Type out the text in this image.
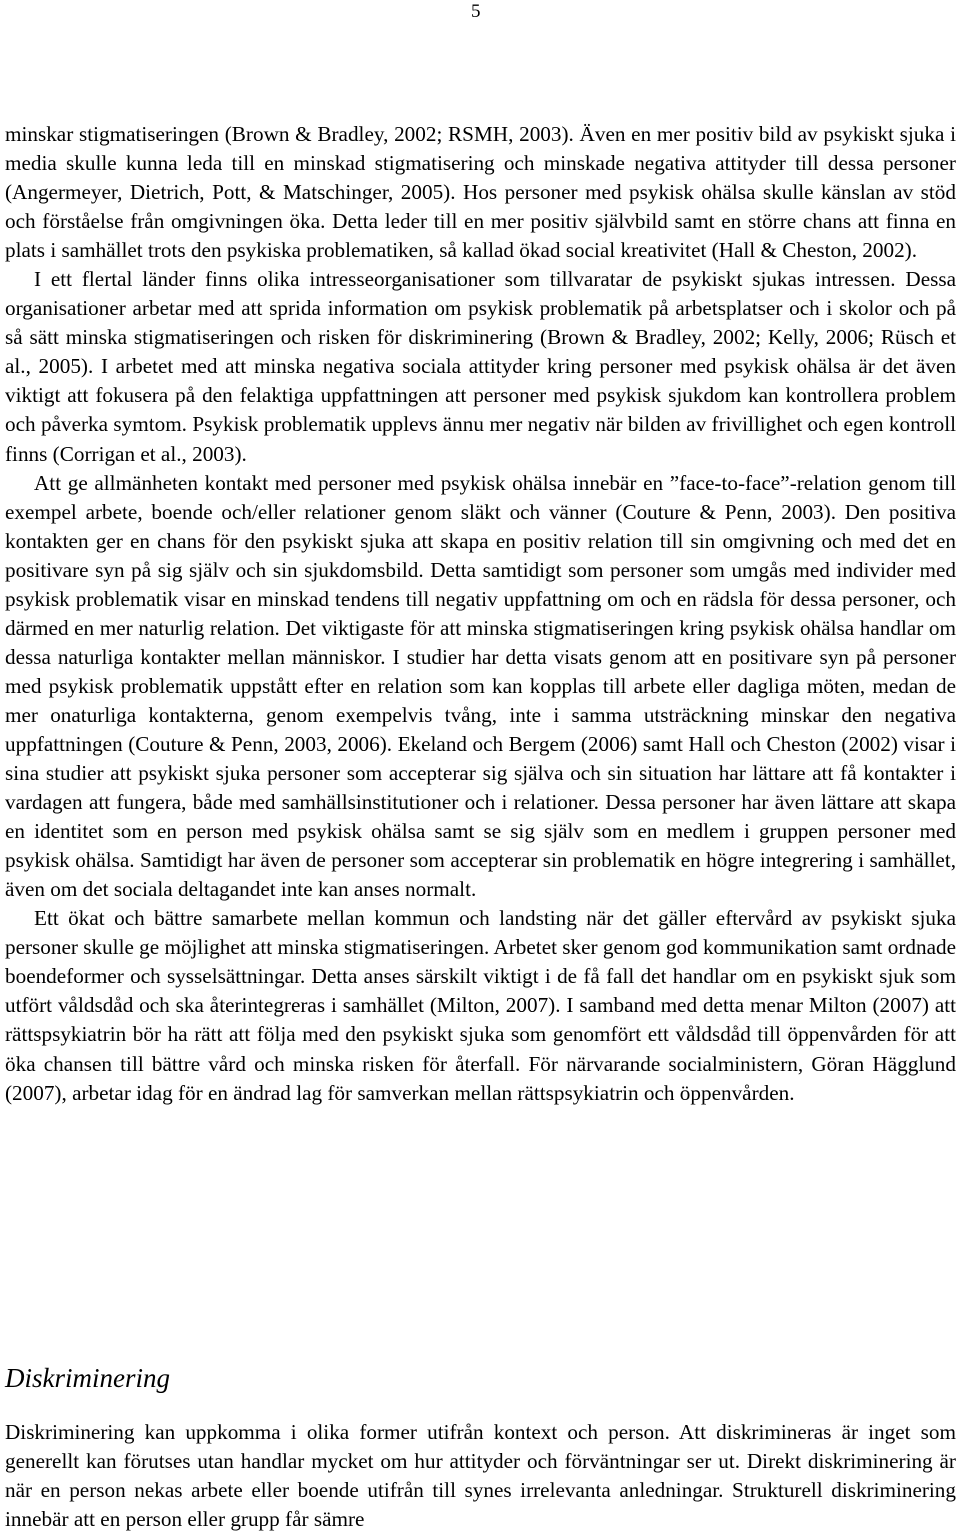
5

minskar stigmatiseringen (Brown & Bradley, 2002; RSMH, 2003). Även en mer positiv bild av psykiskt sjuka i media skulle kunna leda till en minskad stigmatisering och minskade negativa attityder till dessa personer (Angermeyer, Dietrich, Pott, & Matschinger, 2005). Hos personer med psykisk ohälsa skulle känslan av stöd och förståelse från omgivningen öka. Detta leder till en mer positiv självbild samt en större chans att finna en plats i samhället trots den psykiska problematiken, så kallad ökad social kreativitet (Hall & Cheston, 2002).

I ett flertal länder finns olika intresseorganisationer som tillvaratar de psykiskt sjukas intressen. Dessa organisationer arbetar med att sprida information om psykisk problematik på arbetsplatser och i skolor och på så sätt minska stigmatiseringen och risken för diskriminering (Brown & Bradley, 2002; Kelly, 2006; Rüsch et al., 2005). I arbetet med att minska negativa sociala attityder kring personer med psykisk ohälsa är det även viktigt att fokusera på den felaktiga uppfattningen att personer med psykisk sjukdom kan kontrollera problem och påverka symtom. Psykisk problematik upplevs ännu mer negativ när bilden av frivillighet och egen kontroll finns (Corrigan et al., 2003).

Att ge allmänheten kontakt med personer med psykisk ohälsa innebär en ”face-to-face”-relation genom till exempel arbete, boende och/eller relationer genom släkt och vänner (Couture & Penn, 2003). Den positiva kontakten ger en chans för den psykiskt sjuka att skapa en positiv relation till sin omgivning och med det en positivare syn på sig själv och sin sjukdomsbild. Detta samtidigt som personer som umgås med individer med psykisk problematik visar en minskad tendens till negativ uppfattning om och en rädsla för dessa personer, och därmed en mer naturlig relation. Det viktigaste för att minska stigmatiseringen kring psykisk ohälsa handlar om dessa naturliga kontakter mellan människor. I studier har detta visats genom att en positivare syn på personer med psykisk problematik uppstått efter en relation som kan kopplas till arbete eller dagliga möten, medan de mer onaturliga kontakterna, genom exempelvis tvång, inte i samma utsträckning minskar den negativa uppfattningen (Couture & Penn, 2003, 2006). Ekeland och Bergem (2006) samt Hall och Cheston (2002) visar i sina studier att psykiskt sjuka personer som accepterar sig själva och sin situation har lättare att få kontakter i vardagen att fungera, både med samhällsinstitutioner och i relationer. Dessa personer har även lättare att skapa en identitet som en person med psykisk ohälsa samt se sig själv som en medlem i gruppen personer med psykisk ohälsa. Samtidigt har även de personer som accepterar sin problematik en högre integrering i samhället, även om det sociala deltagandet inte kan anses normalt.

Ett ökat och bättre samarbete mellan kommun och landsting när det gäller eftervård av psykiskt sjuka personer skulle ge möjlighet att minska stigmatiseringen. Arbetet sker genom god kommunikation samt ordnade boendeformer och sysselsättningar. Detta anses särskilt viktigt i de få fall det handlar om en psykiskt sjuk som utfört våldsdåd och ska återintegreras i samhället (Milton, 2007). I samband med detta menar Milton (2007) att rättspsykiatrin bör ha rätt att följa med den psykiskt sjuka som genomfört ett våldsdåd till öppenvården för att öka chansen till bättre vård och minska risken för återfall. För närvarande socialministern, Göran Hägglund (2007), arbetar idag för en ändrad lag för samverkan mellan rättspsykiatrin och öppenvården.

Diskriminering

Diskriminering kan uppkomma i olika former utifrån kontext och person. Att diskrimineras är inget som generellt kan förutses utan handlar mycket om hur attityder och förväntningar ser ut. Direkt diskriminering är när en person nekas arbete eller boende utifrån till synes irrelevanta anledningar. Strukturell diskriminering innebär att en person eller grupp får sämre
